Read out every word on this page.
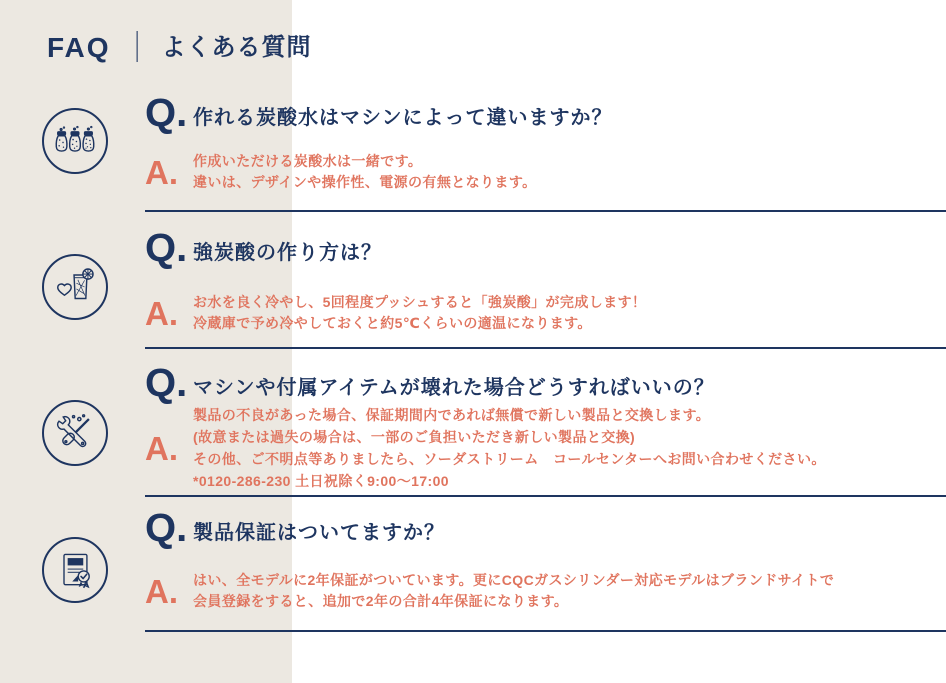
FAQ ｜ よくある質問
Q. 作れる炭酸水はマシンによって違いますか？
A.	作成いただける炭酸水は一緒です。
違いは、デザインや操作性、電源の有無となります。
Q. 強炭酸の作り方は？
A.	お水を良く冷やし、5回程度プッシュすると「強炭酸」が完成します！
冷蔵庫で予め冷やしておくと約5℃くらいの適温になります。
Q. マシンや付属アイテムが壊れた場合どうすればいいの？
A.
製品の不良があった場合、保証期間内であれば無償で新しい製品と交換します。
(故意または過失の場合は、一部のご負担いただき新しい製品と交換)
その他、ご不明点等ありましたら、ソーダストリーム　コールセンターへお問い合わせください。
*0120-286-230 土日祝除く9:00〜17:00
Q. 製品保証はついてますか？
A.	はい、全モデルに2年保証がついています。更にCQCガスシリンダー対応モデルはブランドサイトで
会員登録をすると、追加で2年の合計4年保証になります。
